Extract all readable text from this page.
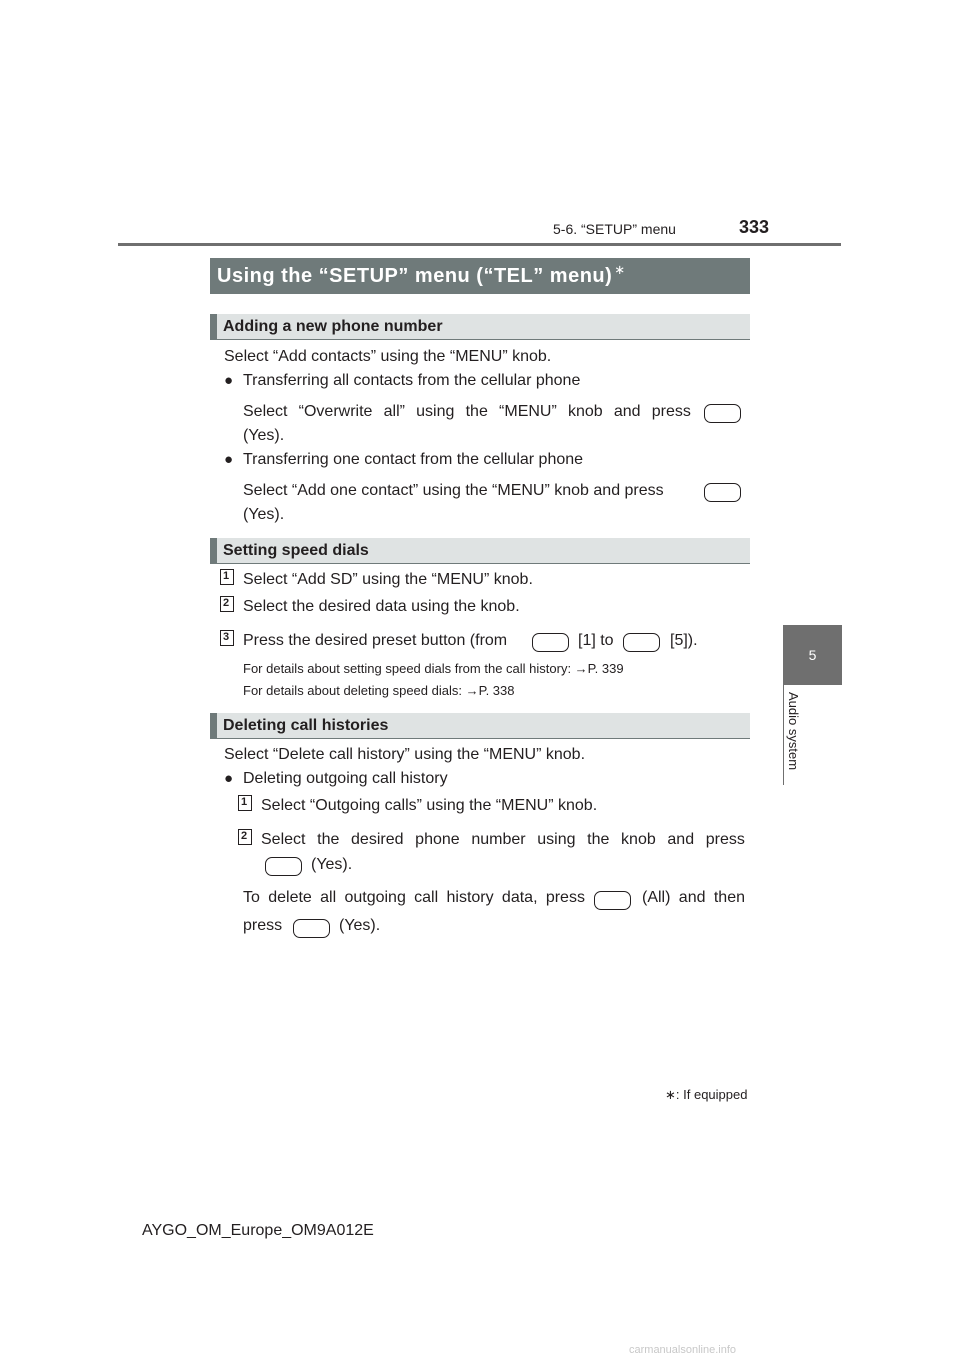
5-6. “SETUP” menu	333
5
Audio system
Using the “SETUP” menu (“TEL” menu)∗
Adding a new phone number
Select “Add contacts” using the “MENU” knob.
● Transferring all contacts from the cellular phone
Select “Overwrite all” using the “MENU” knob and press
(Yes).
● Transferring one contact from the cellular phone
Select “Add one contact” using the “MENU” knob and press
(Yes).
Setting speed dials
1 Select “Add SD” using the “MENU” knob.
2 Select the desired data using the knob.
3 Press the desired preset button (from	[1] to	[5]).
For details about setting speed dials from the call history: →P. 339
For details about deleting speed dials: →P. 338
Deleting call histories
Select “Delete call history” using the “MENU” knob.
● Deleting outgoing call history
1 Select “Outgoing calls” using the “MENU” knob.
2 Select the desired phone number using the knob and press
(Yes).
To delete all outgoing call history data, press	(All) and then
press	(Yes).
∗: If equipped
AYGO_OM_Europe_OM9A012E
carmanualsonline.info
